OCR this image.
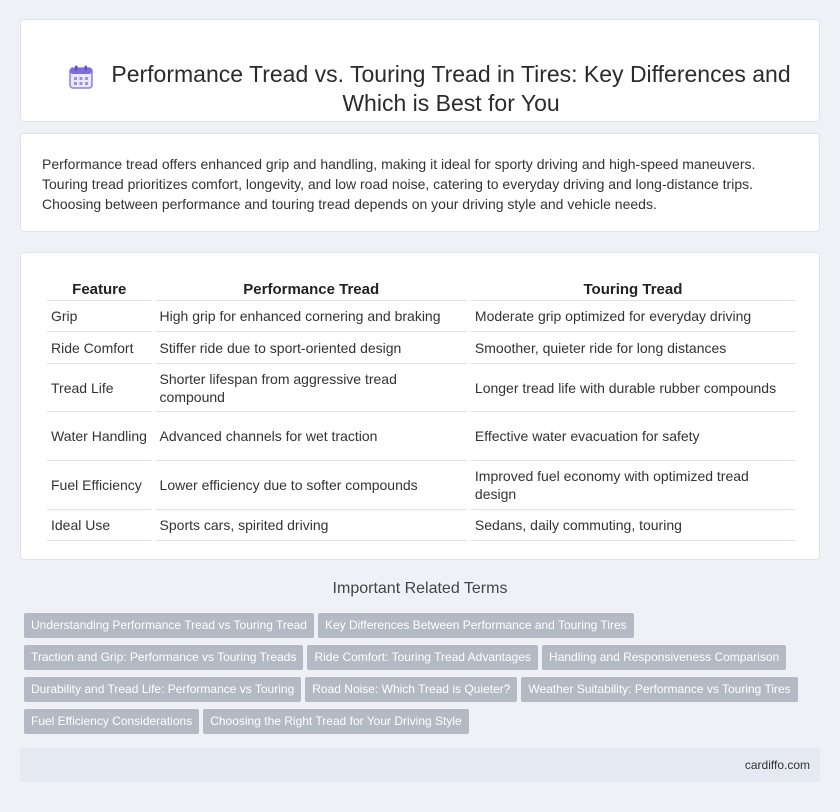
Performance Tread vs. Touring Tread in Tires: Key Differences and Which is Best for You

Performance tread offers enhanced grip and handling, making it ideal for sporty driving and high-speed maneuvers. Touring tread prioritizes comfort, longevity, and low road noise, catering to everyday driving and long-distance trips. Choosing between performance and touring tread depends on your driving style and vehicle needs.

Feature	Performance Tread	Touring Tread
Grip	High grip for enhanced cornering and braking	Moderate grip optimized for everyday driving
Ride Comfort	Stiffer ride due to sport-oriented design	Smoother, quieter ride for long distances
Tread Life	Shorter lifespan from aggressive tread compound	Longer tread life with durable rubber compounds
Water Handling	Advanced channels for wet traction	Effective water evacuation for safety
Fuel Efficiency	Lower efficiency due to softer compounds	Improved fuel economy with optimized tread design
Ideal Use	Sports cars, spirited driving	Sedans, daily commuting, touring
Important Related Terms
Understanding Performance Tread vs Touring Tread Key Differences Between Performance and Touring Tires
Traction and Grip: Performance vs Touring Treads Ride Comfort: Touring Tread Advantages Handling and Responsiveness Comparison
Durability and Tread Life: Performance vs Touring Road Noise: Which Tread is Quieter? Weather Suitability: Performance vs Touring Tires
Fuel Efficiency Considerations Choosing the Right Tread for Your Driving Style
cardiffo.com
